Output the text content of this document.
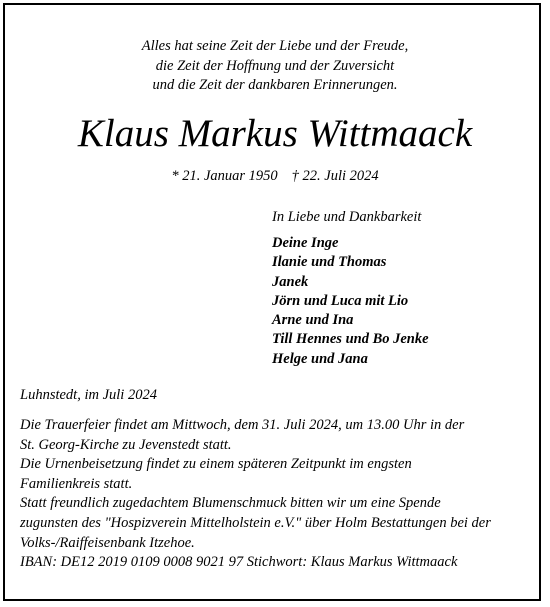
Alles hat seine Zeit der Liebe und der Freude,
die Zeit der Hoffnung und der Zuversicht
und die Zeit der dankbaren Erinnerungen.
Klaus Markus Wittmaack
* 21. Januar 1950 † 22. Juli 2024
In Liebe und Dankbarkeit
Deine Inge
Ilanie und Thomas
Janek
Jörn und Luca mit Lio
Arne und Ina
Till Hennes und Bo Jenke
Helge und Jana
Luhnstedt, im Juli 2024
Die Trauerfeier findet am Mittwoch, dem 31. Juli 2024, um 13.00 Uhr in der
St. Georg-Kirche zu Jevenstedt statt.
Die Urnenbeisetzung findet zu einem späteren Zeitpunkt im engsten
Familienkreis statt.
Statt freundlich zugedachtem Blumenschmuck bitten wir um eine Spende
zugunsten des "Hospizverein Mittelholstein e.V." über Holm Bestattungen bei der
Volks-/Raiffeisenbank Itzehoe.
IBAN: DE12 2019 0109 0008 9021 97 Stichwort: Klaus Markus Wittmaack
